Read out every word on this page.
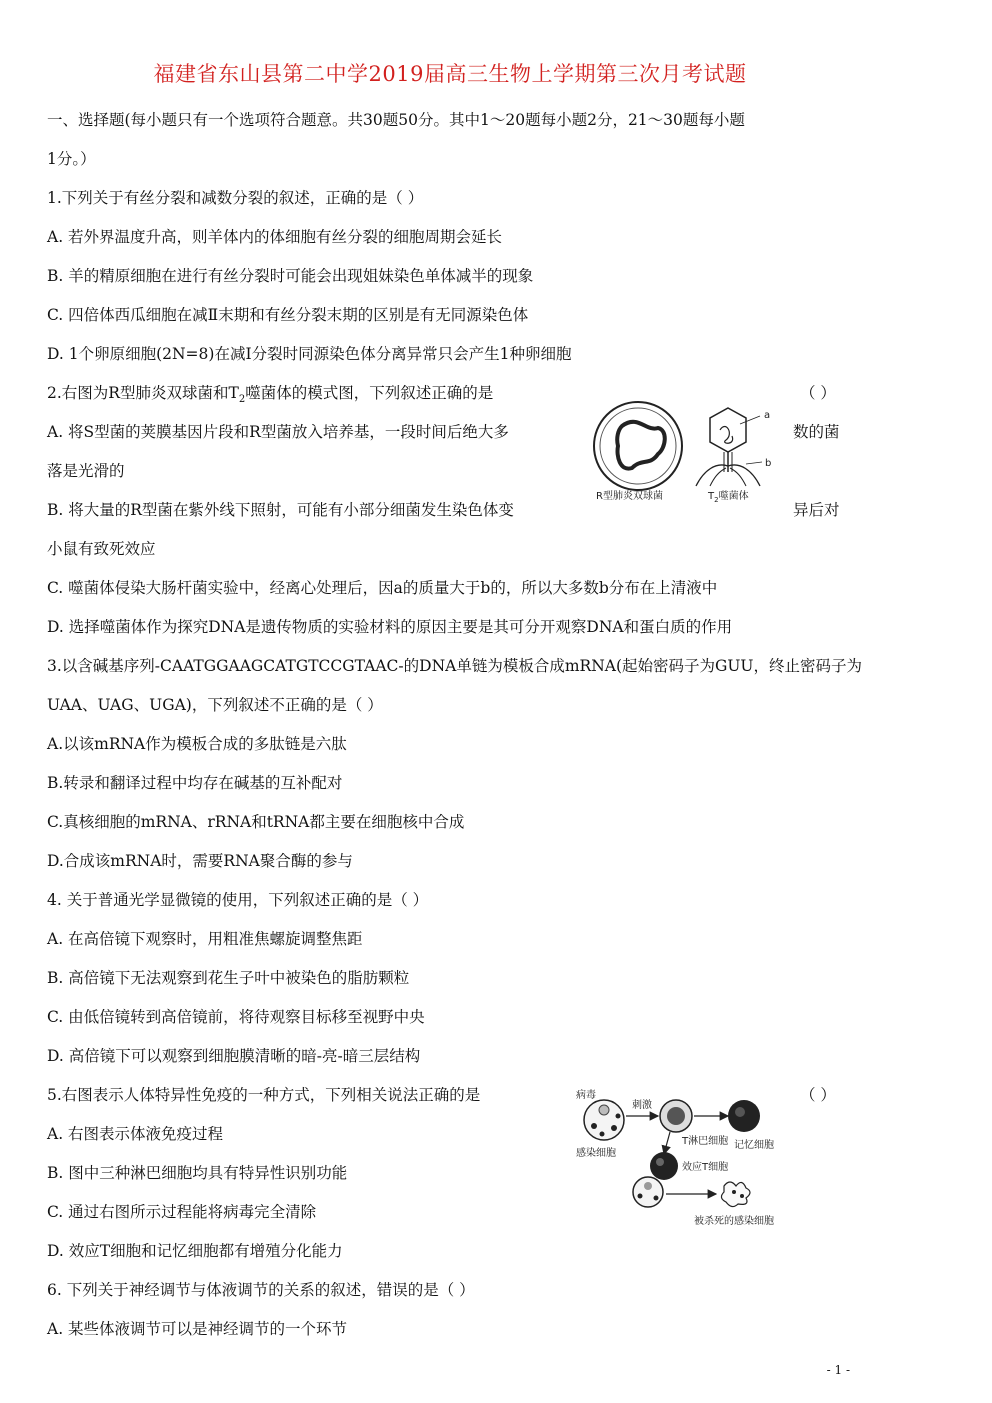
福建省东山县第二中学2019届高三生物上学期第三次月考试题
一、选择题(每小题只有一个选项符合题意。共30题50分。其中1～20题每小题2分，21～30题每小题
1分。）
1.下列关于有丝分裂和减数分裂的叙述，正确的是（ ）
A. 若外界温度升高，则羊体内的体细胞有丝分裂的细胞周期会延长
B. 羊的精原细胞在进行有丝分裂时可能会出现姐妹染色单体减半的现象
C. 四倍体西瓜细胞在减Ⅱ末期和有丝分裂末期的区别是有无同源染色体
D. 1个卵原细胞(2N=8)在减Ⅰ分裂时同源染色体分离异常只会产生1种卵细胞
2.右图为R型肺炎双球菌和$T_2$噬菌体的模式图，下列叙述正确的是	（ ）
A. 将S型菌的荚膜基因片段和R型菌放入培养基，一段时间后绝大多	数的菌
落是光滑的
B. 将大量的R型菌在紫外线下照射，可能有小部分细菌发生染色体变	异后对
小鼠有致死效应
C. 噬菌体侵染大肠杆菌实验中，经离心处理后，因a的质量大于b的，所以大多数b分布在上清液中
D. 选择噬菌体作为探究DNA是遗传物质的实验材料的原因主要是其可分开观察DNA和蛋白质的作用
a
b
R型肺炎双球菌	$T_2$噬菌体
3.以含碱基序列-CAATGGAAGCATGTCCGTAAC-的DNA单链为模板合成mRNA(起始密码子为GUU，终止密码子为
UAA、UAG、UGA)，下列叙述不正确的是（ ）
A.以该mRNA作为模板合成的多肽链是六肽
B.转录和翻译过程中均存在碱基的互补配对
C.真核细胞的mRNA、rRNA和tRNA都主要在细胞核中合成
D.合成该mRNA时，需要RNA聚合酶的参与
4. 关于普通光学显微镜的使用，下列叙述正确的是（ ）
A. 在高倍镜下观察时，用粗准焦螺旋调整焦距
B. 高倍镜下无法观察到花生子叶中被染色的脂肪颗粒
C. 由低倍镜转到高倍镜前，将待观察目标移至视野中央
D. 高倍镜下可以观察到细胞膜清晰的暗-亮-暗三层结构
5.右图表示人体特异性免疫的一种方式，下列相关说法正确的是	（ ）
A. 右图表示体液免疫过程
B. 图中三种淋巴细胞均具有特异性识别功能
C. 通过右图所示过程能将病毒完全清除
D. 效应T细胞和记忆细胞都有增殖分化能力
病毒
感染细胞
刺激
T淋巴细胞 记忆细胞
效应T细胞
被杀死的感染细胞
6. 下列关于神经调节与体液调节的关系的叙述，错误的是（ ）
A. 某些体液调节可以是神经调节的一个环节
- 1 -
